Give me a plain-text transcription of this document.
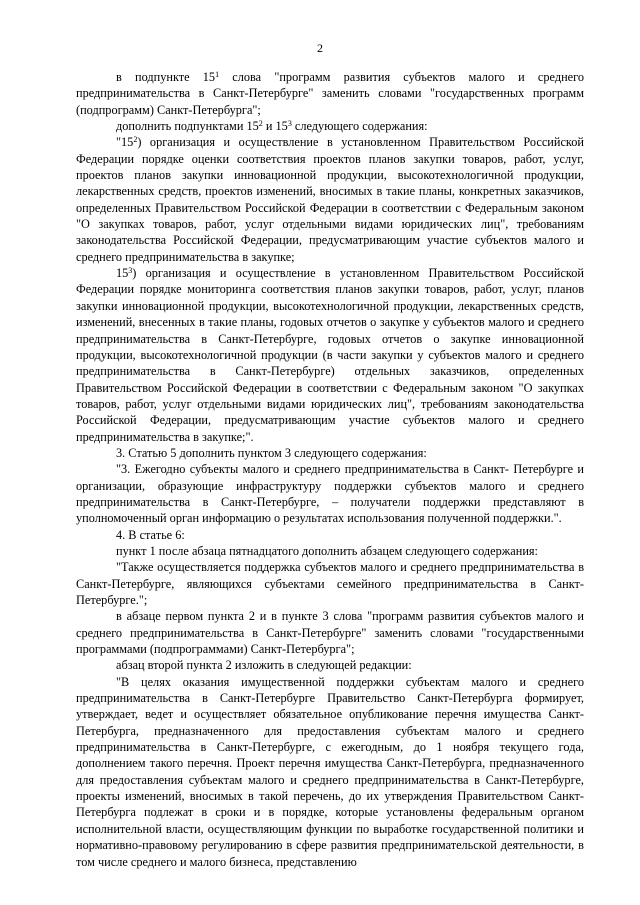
2

в подпункте $15^1$ слова "программ развития субъектов малого и среднего предпринимательства в Санкт-Петербурге" заменить словами "государственных программ (подпрограмм) Санкт-Петербурга";

дополнить подпунктами $15^2$ и $15^3$ следующего содержания:

"$15^2$) организация и осуществление в установленном Правительством Российской Федерации порядке оценки соответствия проектов планов закупки товаров, работ, услуг, проектов планов закупки инновационной продукции, высокотехнологичной продукции, лекарственных средств, проектов изменений, вносимых в такие планы, конкретных заказчиков, определенных Правительством Российской Федерации в соответствии с Федеральным законом "О закупках товаров, работ, услуг отдельными видами юридических лиц", требованиям законодательства Российской Федерации, предусматривающим участие субъектов малого и среднего предпринимательства в закупке;

$15^3$) организация и осуществление в установленном Правительством Российской Федерации порядке мониторинга соответствия планов закупки товаров, работ, услуг, планов закупки инновационной продукции, высокотехнологичной продукции, лекарственных средств, изменений, внесенных в такие планы, годовых отчетов о закупке у субъектов малого и среднего предпринимательства в Санкт-Петербурге, годовых отчетов о закупке инновационной продукции, высокотехнологичной продукции (в части закупки у субъектов малого и среднего предпринимательства в Санкт-Петербурге) отдельных заказчиков, определенных Правительством Российской Федерации в соответствии с Федеральным законом "О закупках товаров, работ, услуг отдельными видами юридических лиц", требованиям законодательства Российской Федерации, предусматривающим участие субъектов малого и среднего предпринимательства в закупке;".

3. Статью 5 дополнить пунктом 3 следующего содержания:

"3. Ежегодно субъекты малого и среднего предпринимательства в Санкт- Петербурге и организации, образующие инфраструктуру поддержки субъектов малого и среднего предпринимательства в Санкт-Петербурге, – получатели поддержки представляют в уполномоченный орган информацию о результатах использования полученной поддержки.".

4. В статье 6:

пункт 1 после абзаца пятнадцатого дополнить абзацем следующего содержания:

"Также осуществляется поддержка субъектов малого и среднего предпринимательства в Санкт-Петербурге, являющихся субъектами семейного предпринимательства в Санкт-Петербурге.";

в абзаце первом пункта 2 и в пункте 3 слова "программ развития субъектов малого и среднего предпринимательства в Санкт-Петербурге" заменить словами "государственными программами (подпрограммами) Санкт-Петербурга";

абзац второй пункта 2 изложить в следующей редакции:

"В целях оказания имущественной поддержки субъектам малого и среднего предпринимательства в Санкт-Петербурге Правительство Санкт-Петербурга формирует, утверждает, ведет и осуществляет обязательное опубликование перечня имущества Санкт-Петербурга, предназначенного для предоставления субъектам малого и среднего предпринимательства в Санкт-Петербурге, с ежегодным, до 1 ноября текущего года, дополнением такого перечня. Проект перечня имущества Санкт-Петербурга, предназначенного для предоставления субъектам малого и среднего предпринимательства в Санкт-Петербурге, проекты изменений, вносимых в такой перечень, до их утверждения Правительством Санкт-Петербурга подлежат в сроки и в порядке, которые установлены федеральным органом исполнительной власти, осуществляющим функции по выработке государственной политики и нормативно-правовому регулированию в сфере развития предпринимательской деятельности, в том числе среднего и малого бизнеса, представлению
